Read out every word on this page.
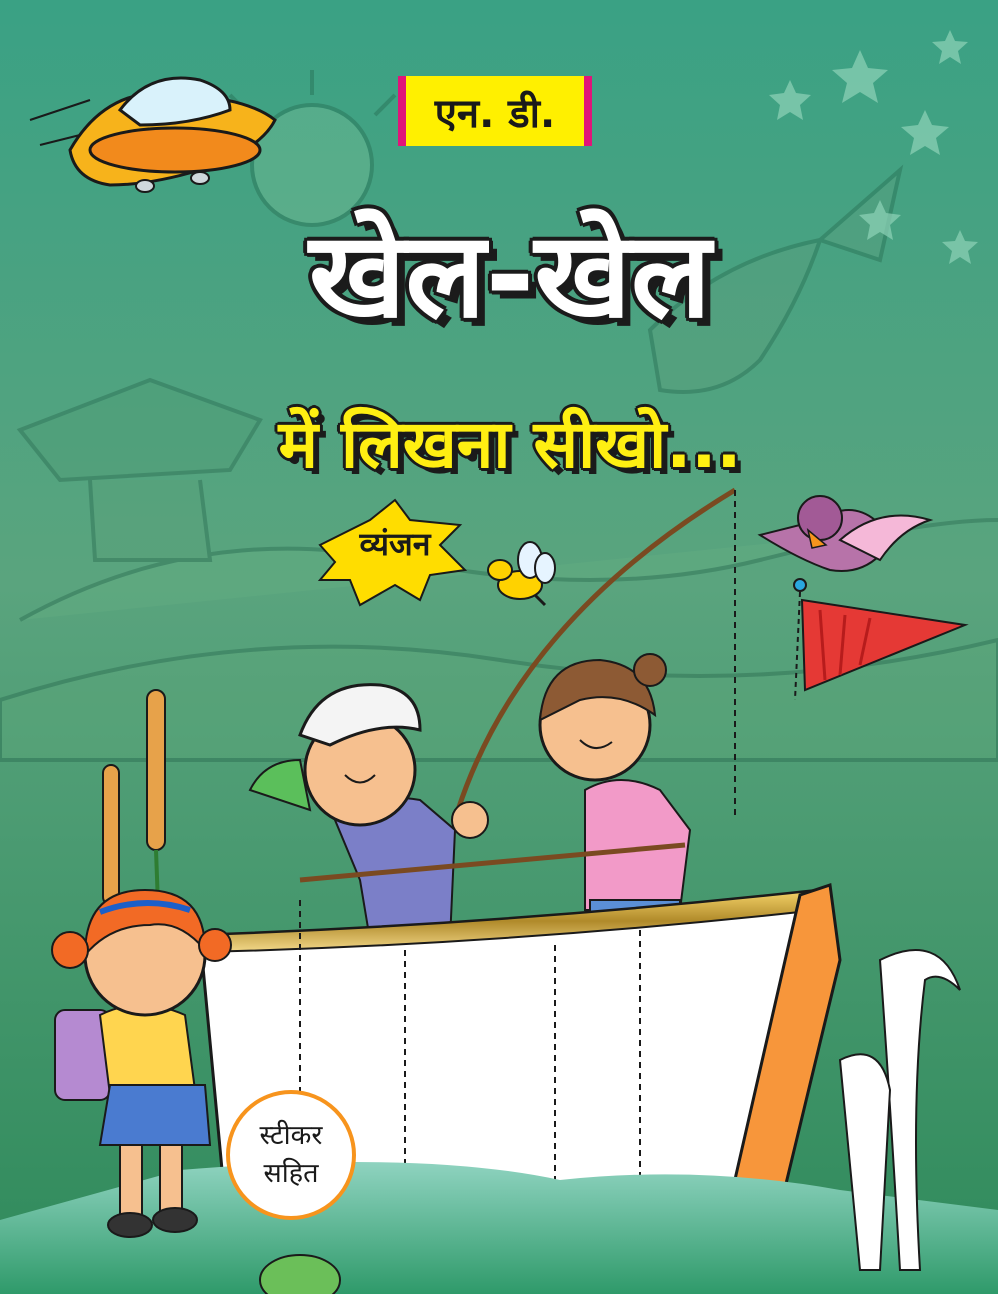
एन. डी.
खेल-खेल
में लिखना सीखो...
व्यंजन
स्टीकर
सहित
